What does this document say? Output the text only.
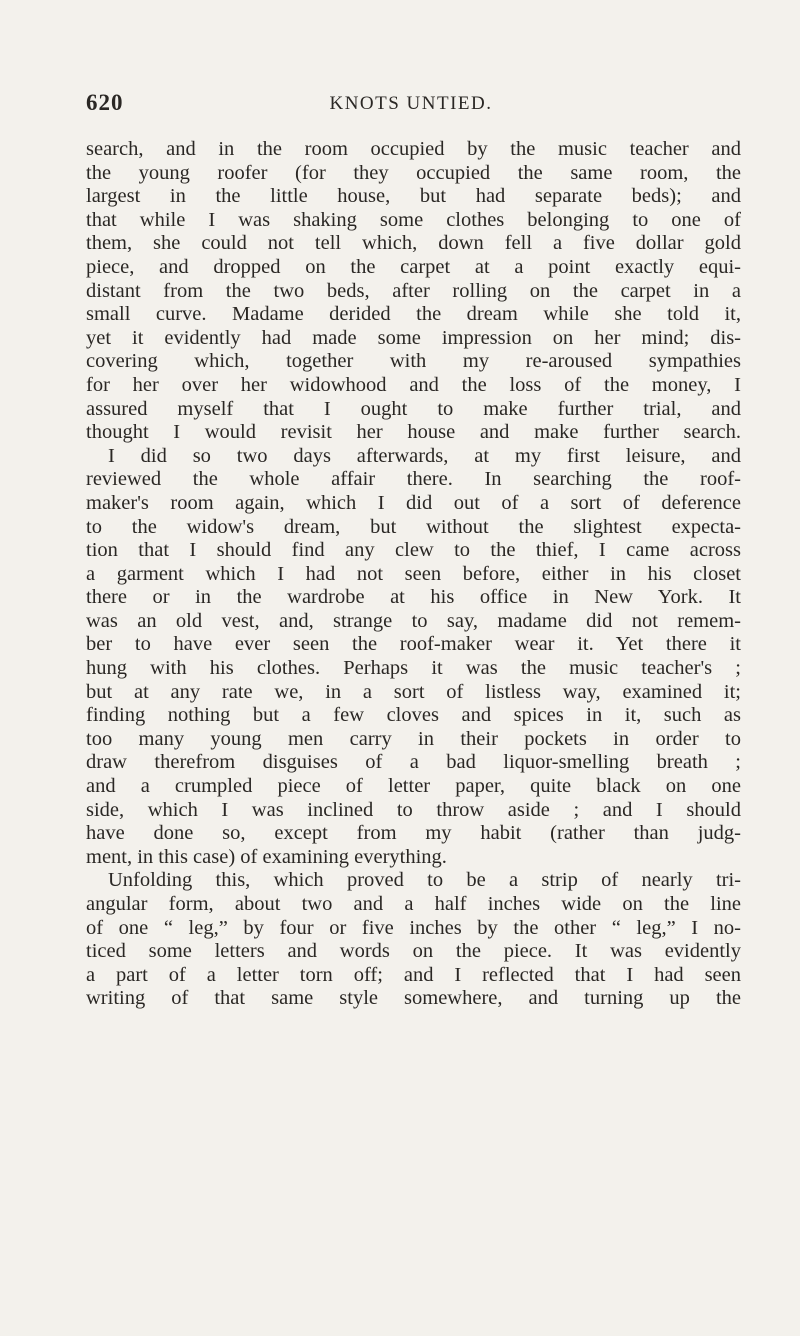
620	KNOTS UNTIED.
search, and in the room occupied by the music teacher and
the young roofer (for they occupied the same room, the
largest in the little house, but had separate beds); and
that while I was shaking some clothes belonging to one of
them, she could not tell which, down fell a five dollar gold
piece, and dropped on the carpet at a point exactly equi-
distant from the two beds, after rolling on the carpet in a
small curve. Madame derided the dream while she told it,
yet it evidently had made some impression on her mind; dis-
covering which, together with my re-aroused sympathies
for her over her widowhood and the loss of the money, I
assured myself that I ought to make further trial, and
thought I would revisit her house and make further search.
I did so two days afterwards, at my first leisure, and
reviewed the whole affair there. In searching the roof-
maker's room again, which I did out of a sort of deference
to the widow's dream, but without the slightest expecta-
tion that I should find any clew to the thief, I came across
a garment which I had not seen before, either in his closet
there or in the wardrobe at his office in New York. It
was an old vest, and, strange to say, madame did not remem-
ber to have ever seen the roof-maker wear it. Yet there it
hung with his clothes. Perhaps it was the music teacher's ;
but at any rate we, in a sort of listless way, examined it;
finding nothing but a few cloves and spices in it, such as
too many young men carry in their pockets in order to
draw therefrom disguises of a bad liquor-smelling breath ;
and a crumpled piece of letter paper, quite black on one
side, which I was inclined to throw aside ; and I should
have done so, except from my habit (rather than judg-
ment, in this case) of examining everything.
Unfolding this, which proved to be a strip of nearly tri-
angular form, about two and a half inches wide on the line
of one “ leg,” by four or five inches by the other “ leg,” I no-
ticed some letters and words on the piece. It was evidently
a part of a letter torn off; and I reflected that I had seen
writing of that same style somewhere, and turning up the
